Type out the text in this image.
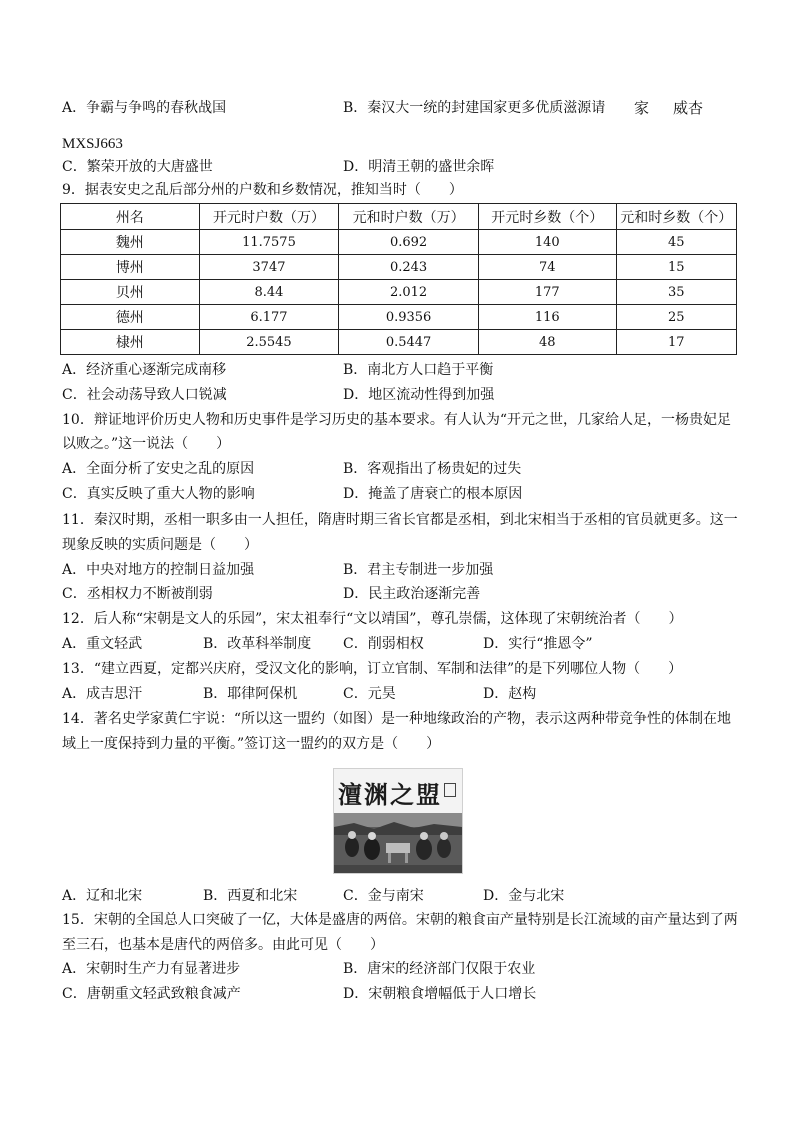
A．争霸与争鸣的春秋战国	B．秦汉大一统的封建国家更多优质滋源请 家 威杏
MXSJ663
C．繁荣开放的大唐盛世	D．明清王朝的盛世余晖
9．据表安史之乱后部分州的户数和乡数情况，推知当时（　　）
州名	开元时户数（万）	元和时户数（万）	开元时乡数（个）	元和时乡数（个）
魏州	11.7575	0.692	140	45
博州	3747	0.243	74	15
贝州	8.44	2.012	177	35
德州	6.177	0.9356	116	25
棣州	2.5545	0.5447	48	17
A．经济重心逐渐完成南移	B．南北方人口趋于平衡
C．社会动荡导致人口锐减	D．地区流动性得到加强
10．辩证地评价历史人物和历史事件是学习历史的基本要求。有人认为“开元之世，几家给人足，一杨贵妃足
以败之。”这一说法（　　）
A．全面分析了安史之乱的原因	B．客观指出了杨贵妃的过失
C．真实反映了重大人物的影响	D．掩盖了唐衰亡的根本原因
11．秦汉时期，丞相一职多由一人担任，隋唐时期三省长官都是丞相，到北宋相当于丞相的官员就更多。这一
现象反映的实质问题是（　　）
A．中央对地方的控制日益加强	B．君主专制进一步加强
C．丞相权力不断被削弱	D．民主政治逐渐完善
12．后人称“宋朝是文人的乐园”，宋太祖奉行“文以靖国”，尊孔崇儒，这体现了宋朝统治者（　　）
A．重文轻武	B．改革科举制度 C．削弱相权	D．实行“推恩令”
13．“建立西夏，定都兴庆府，受汉文化的影响，订立官制、军制和法律”的是下列哪位人物（　　）
A．成吉思汗	B．耶律阿保机	C．元昊	D．赵构
14．著名史学家黄仁宇说：“所以这一盟约（如图）是一种地缘政治的产物，表示这两种带竞争性的体制在地
域上一度保持到力量的平衡。”签订这一盟约的双方是（　　）
澶渊之盟
A．辽和北宋	B．西夏和北宋	C．金与南宋	D．金与北宋
15．宋朝的全国总人口突破了一亿，大体是盛唐的两倍。宋朝的粮食亩产量特别是长江流域的亩产量达到了两
至三石，也基本是唐代的两倍多。由此可见（　　）
A．宋朝时生产力有显著进步	B．唐宋的经济部门仅限于农业
C．唐朝重文轻武致粮食减产	D．宋朝粮食增幅低于人口增长
